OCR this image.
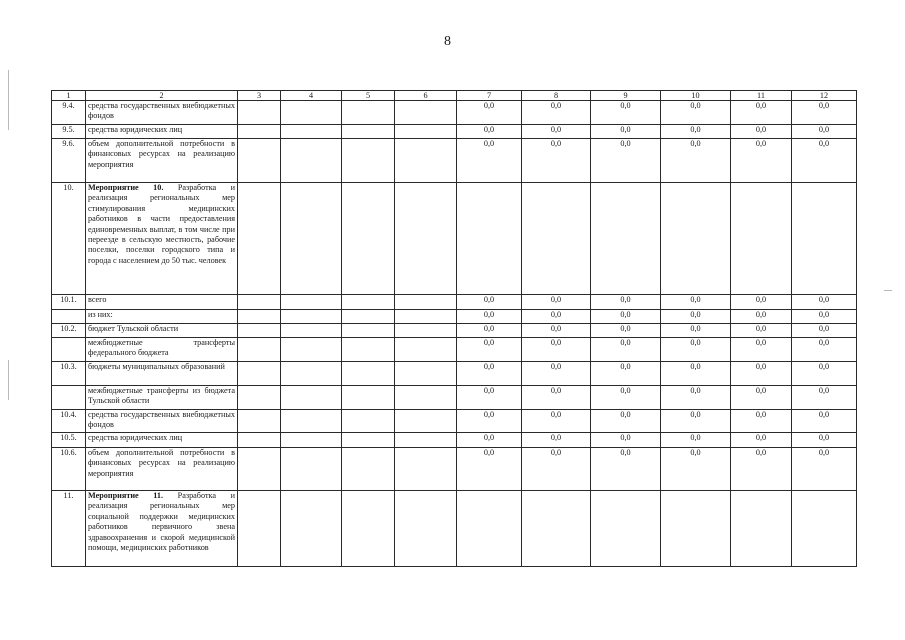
8
1	2	3	4	5	6	7	8	9	10	11	12
9.4.	средства государственных внебюджетных фондов					0,0	0,0	0,0	0,0	0,0	0,0
9.5.	средства юридических лиц					0,0	0,0	0,0	0,0	0,0	0,0
9.6.	объем дополнительной потребности в финансовых ресурсах на реализацию мероприятия					0,0	0,0	0,0	0,0	0,0	0,0
10.	Мероприятие 10. Разработка и реализация региональных мер стимулирования медицинских работников в части предоставления единовременных выплат, в том числе при переезде в сельскую местность, рабочие поселки, поселки городского типа и города с населением до 50 тыс. человек										
10.1.	всего					0,0	0,0	0,0	0,0	0,0	0,0
	из них:					0,0	0,0	0,0	0,0	0,0	0,0
10.2.	бюджет Тульской области					0,0	0,0	0,0	0,0	0,0	0,0
	межбюджетные трансферты федерального бюджета					0,0	0,0	0,0	0,0	0,0	0,0
10.3.	бюджеты муниципальных образований					0,0	0,0	0,0	0,0	0,0	0,0
	межбюджетные трансферты из бюджета Тульской области					0,0	0,0	0,0	0,0	0,0	0,0
10.4.	средства государственных внебюджетных фондов					0,0	0,0	0,0	0,0	0,0	0,0
10.5.	средства юридических лиц					0,0	0,0	0,0	0,0	0,0	0,0
10.6.	объем дополнительной потребности в финансовых ресурсах на реализацию мероприятия					0,0	0,0	0,0	0,0	0,0	0,0
11.	Мероприятие 11. Разработка и реализация региональных мер социальной поддержки медицинских работников первичного звена здравоохранения и скорой медицинской помощи, медицинских работников										
